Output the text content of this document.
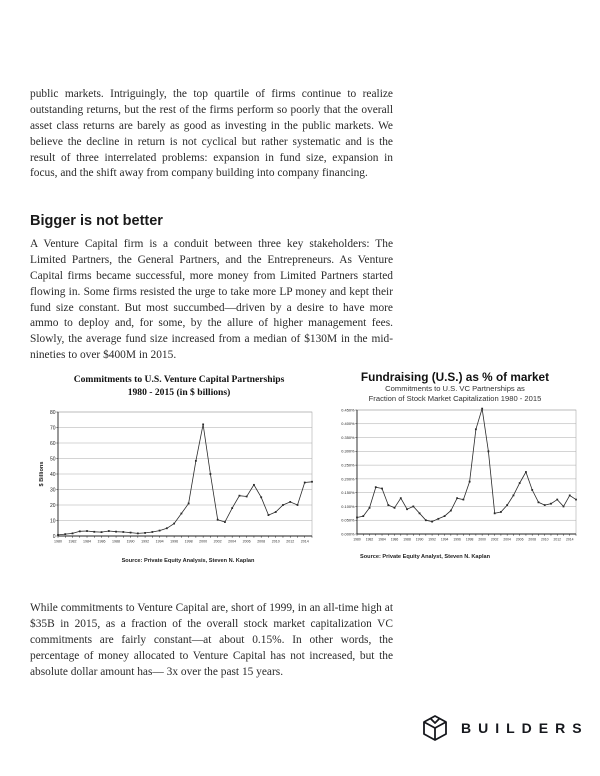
public markets. Intriguingly, the top quartile of firms continue to realize outstanding returns, but the rest of the firms perform so poorly that the overall asset class returns are barely as good as investing in the public markets. We believe the decline in return is not cyclical but rather systematic and is the result of three interrelated problems: expansion in fund size, expansion in focus, and the shift away from company building into company financing.

Bigger is not better

A Venture Capital firm is a conduit between three key stakeholders: The Limited Partners, the General Partners, and the Entrepreneurs. As Venture Capital firms became successful, more money from Limited Partners started flowing in. Some firms resisted the urge to take more LP money and kept their fund size constant. But most succumbed—driven by a desire to have more ammo to deploy and, for some, by the allure of higher management fees. Slowly, the average fund size increased from a median of $130M in the mid-nineties to over $400M in 2015.

Commitments to U.S. Venture Capital Partnerships
1980 - 2015 (in $ billions)
0
10
20
30
40
50
60
70
80
1980 1982 1984 1986 1988 1990 1992 1994 1996 1998 2000 2002 2004 2006 2008 2010 2012 2014
$ Billions
Source: Private Equity Analysis, Steven N. Kaplan
Fundraising (U.S.) as % of market
Commitments to U.S. VC Partnerships as
Fraction of Stock Market Capitalization 1980 - 2015
0.000%
0.050%
0.100%
0.150%
0.200%
0.250%
0.300%
0.350%
0.400%
0.450%
1980 1982 1984 1986 1988 1990 1992 1994 1996 1998 2000 2002 2004 2006 2008 2010 2012 2014
Source: Private Equity Analyst, Steven N. Kaplan

While commitments to Venture Capital are, short of 1999, in an all-time high at $35B in 2015, as a fraction of the overall stock market capitalization VC commitments are fairly constant—at about 0.15%. In other words, the percentage of money allocated to Venture Capital has not increased, but the absolute dollar amount has— 3x over the past 15 years.

BUILDERS
